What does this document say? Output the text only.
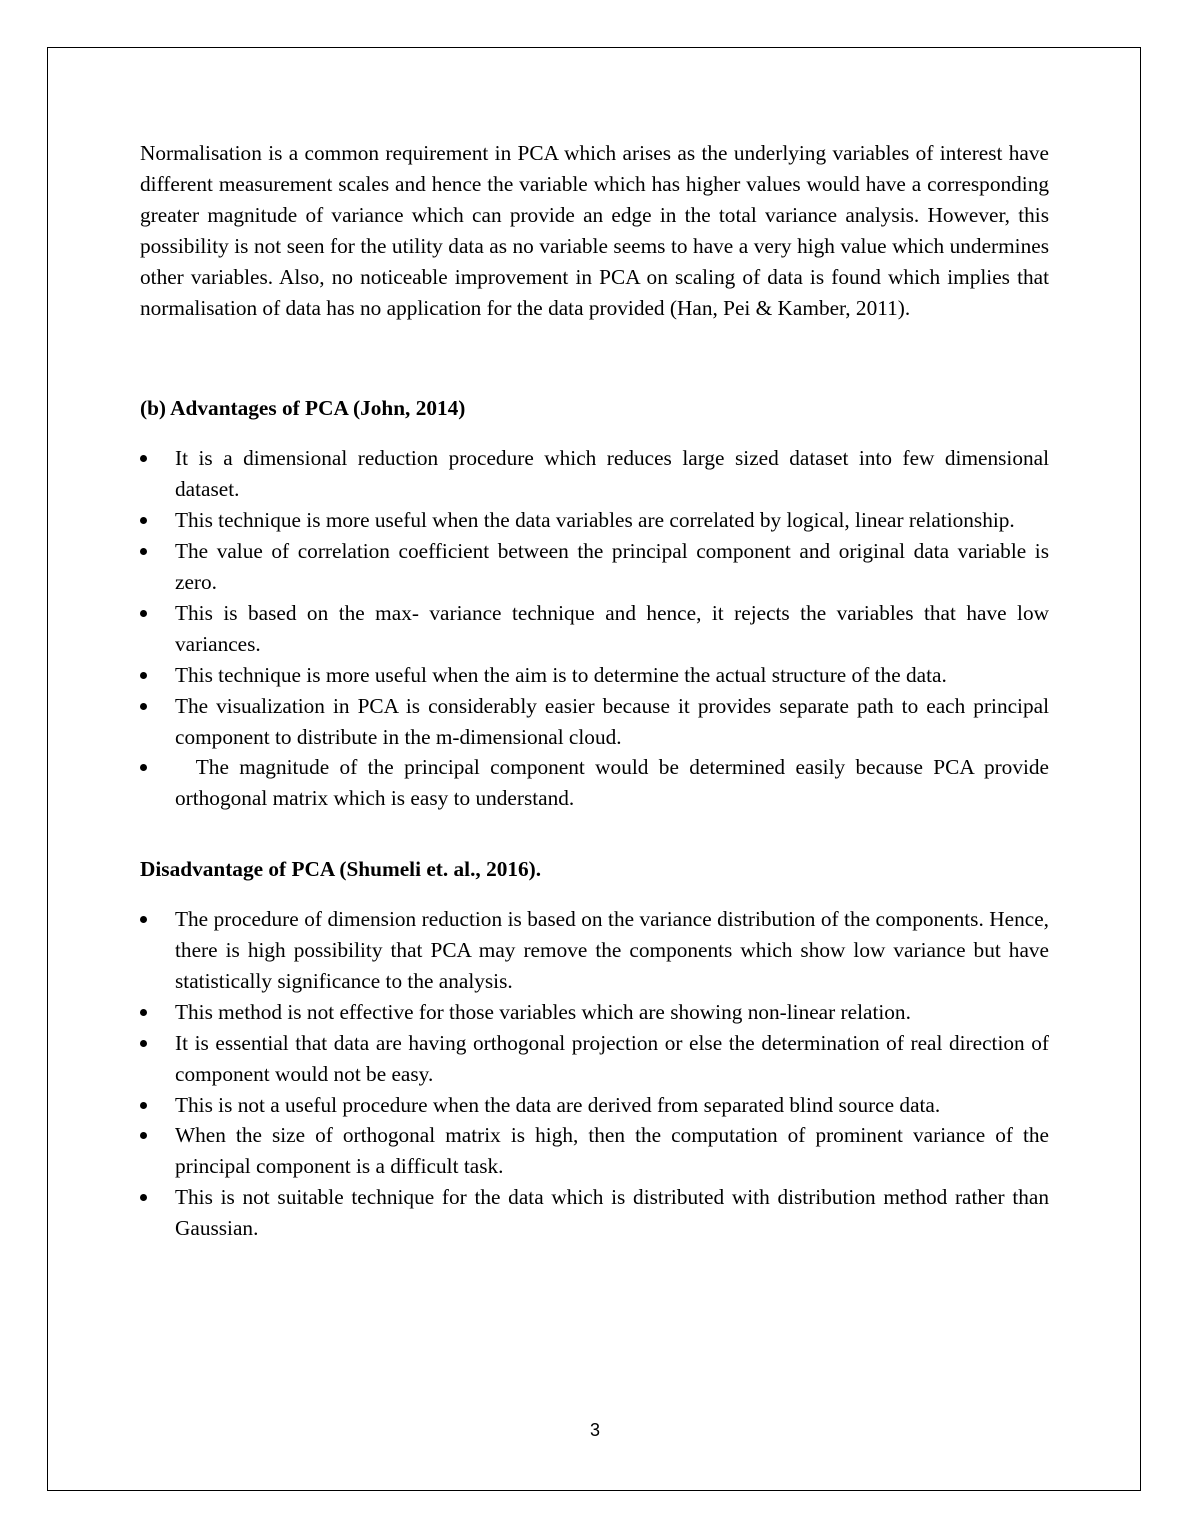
Normalisation is a common requirement in PCA which arises as the underlying variables of interest have different measurement scales and hence the variable which has higher values would have a corresponding greater magnitude of variance which can provide an edge in the total variance analysis. However, this possibility is not seen for the utility data as no variable seems to have a very high value which undermines other variables. Also, no noticeable improvement in PCA on scaling of data is found which implies that normalisation of data has no application for the data provided (Han, Pei & Kamber, 2011).

(b) Advantages of PCA (John, 2014)

It is a dimensional reduction procedure which reduces large sized dataset into few dimensional dataset.
This technique is more useful when the data variables are correlated by logical, linear relationship.
The value of correlation coefficient between the principal component and original data variable is zero.
This is based on the max- variance technique and hence, it rejects the variables that have low variances.
This technique is more useful when the aim is to determine the actual structure of the data.
The visualization in PCA is considerably easier because it provides separate path to each principal component to distribute in the m-dimensional cloud.
The magnitude of the principal component would be determined easily because PCA provide orthogonal matrix which is easy to understand.

Disadvantage of PCA (Shumeli et. al., 2016).

The procedure of dimension reduction is based on the variance distribution of the components. Hence, there is high possibility that PCA may remove the components which show low variance but have statistically significance to the analysis.
This method is not effective for those variables which are showing non-linear relation.
It is essential that data are having orthogonal projection or else the determination of real direction of component would not be easy.
This is not a useful procedure when the data are derived from separated blind source data.
When the size of orthogonal matrix is high, then the computation of prominent variance of the principal component is a difficult task.
This is not suitable technique for the data which is distributed with distribution method rather than Gaussian.
3
